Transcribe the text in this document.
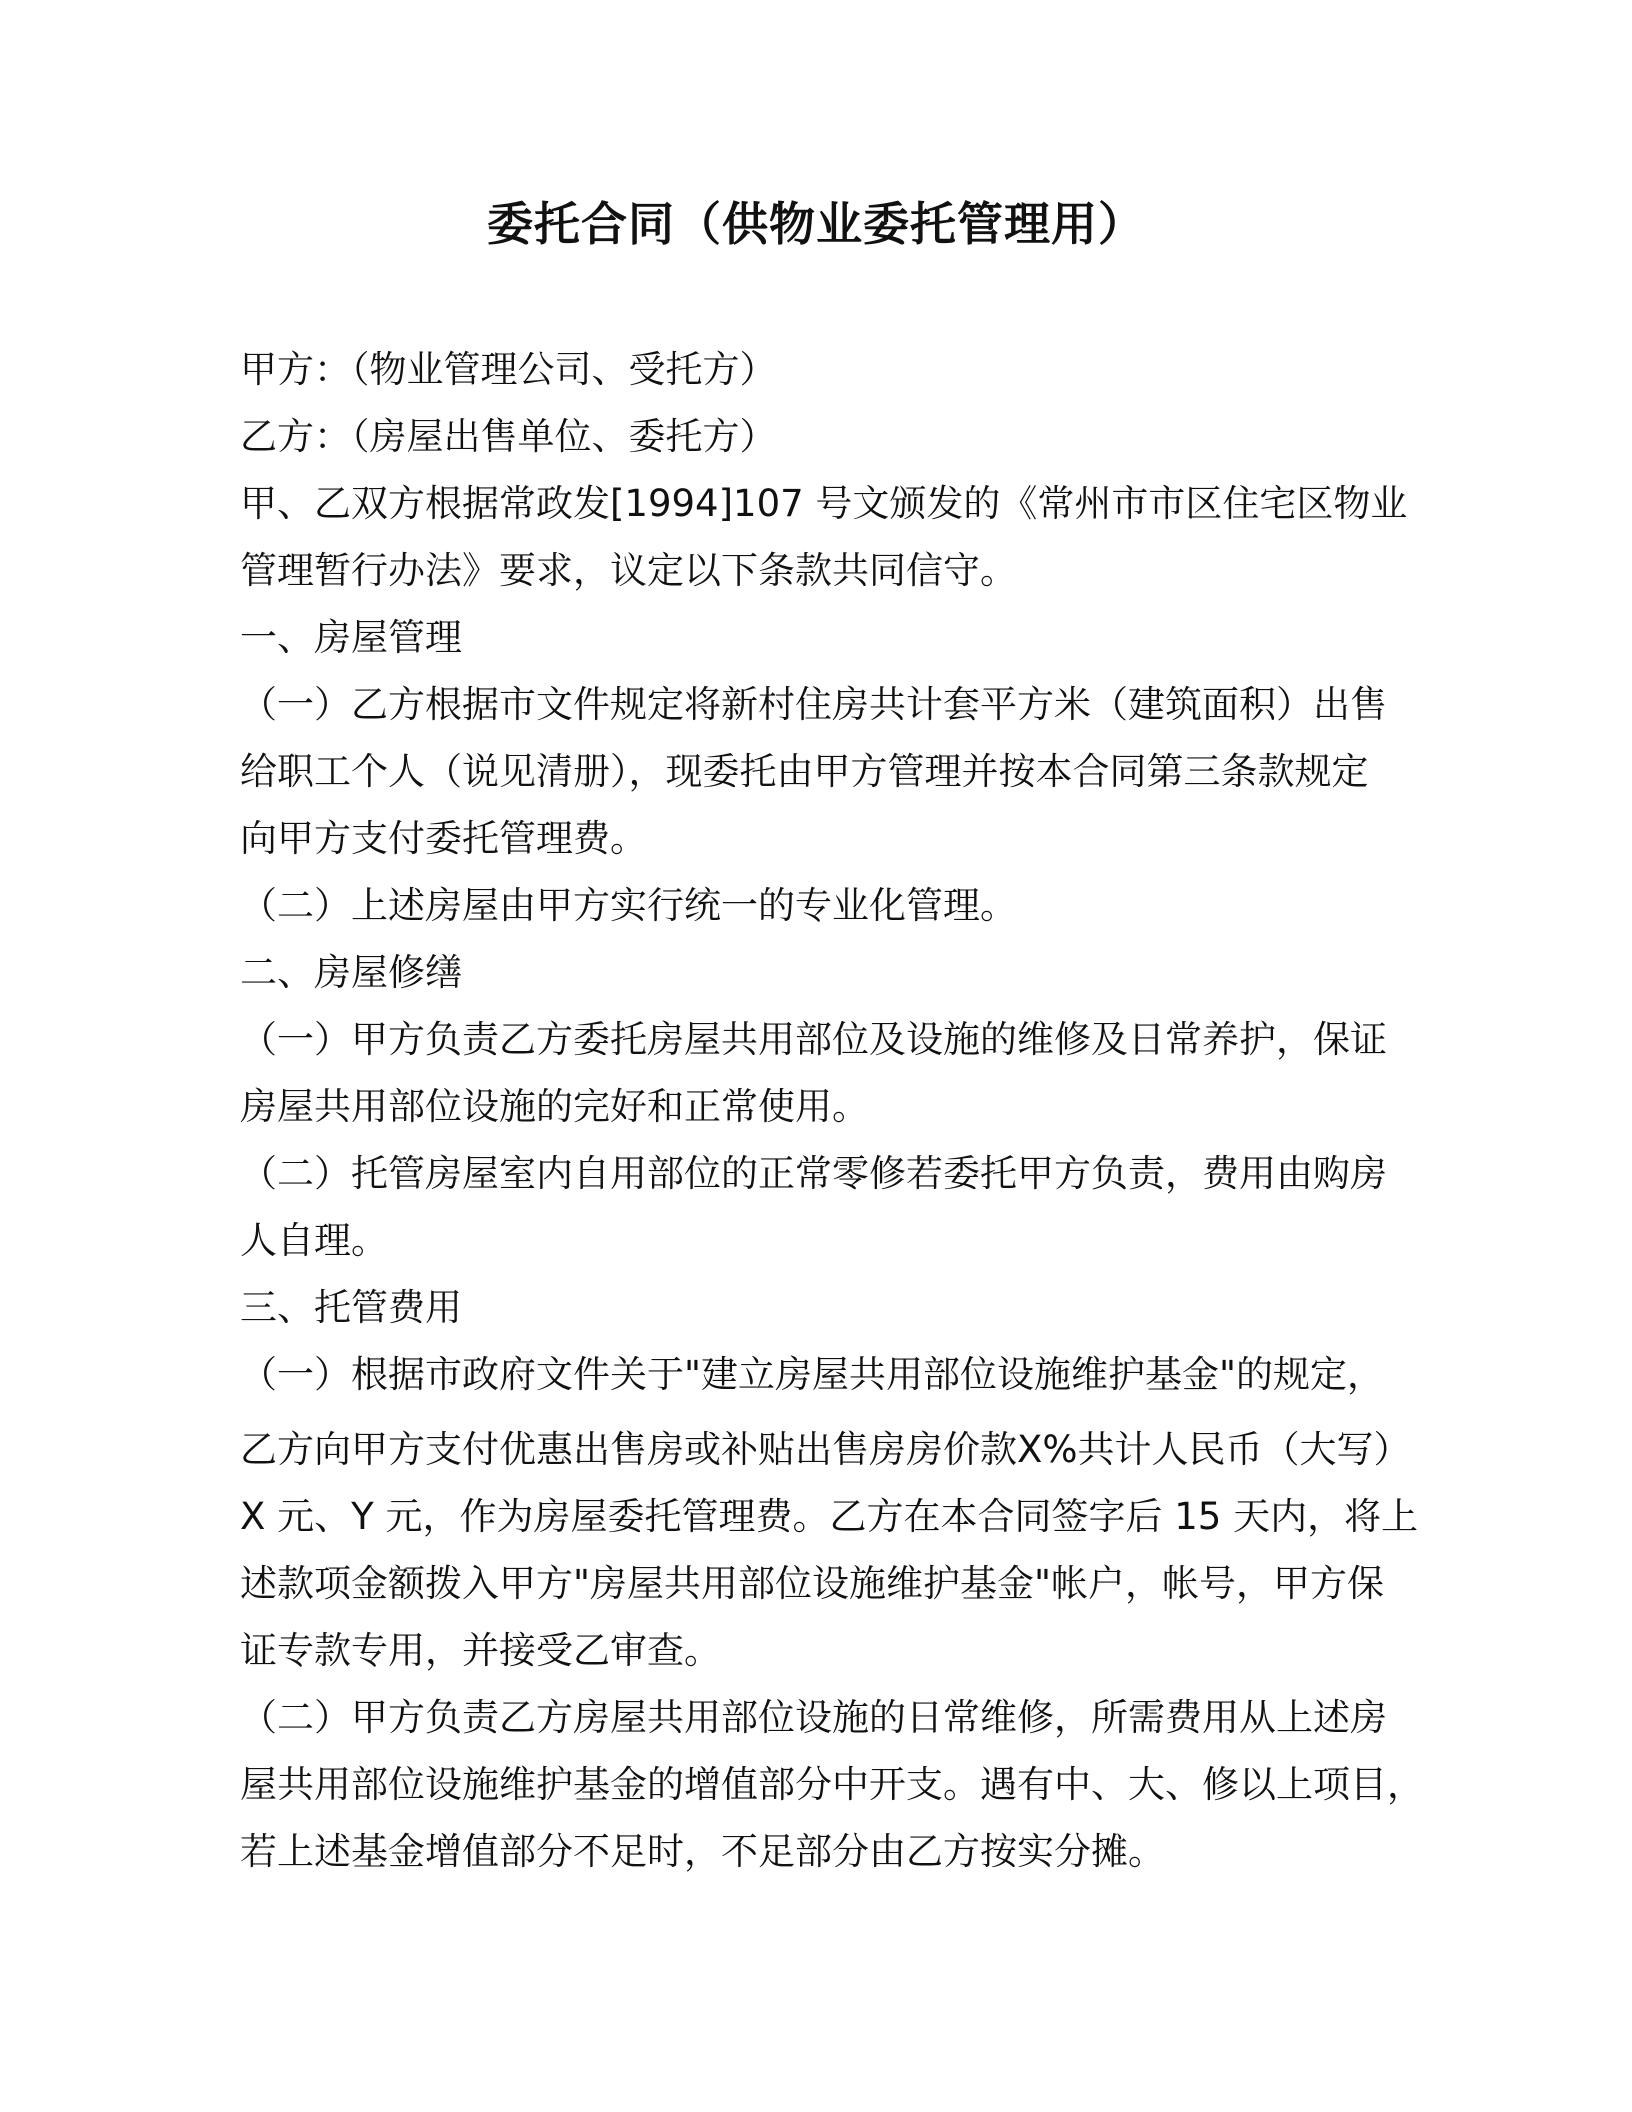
委托合同（供物业委托管理用）

甲方：（物业管理公司、受托方）

乙方：（房屋出售单位、委托方）

甲、乙双方根据常政发[1994]107 号文颁发的《常州市市区住宅区物业

管理暂行办法》要求，议定以下条款共同信守。

一、房屋管理

（一）乙方根据市文件规定将新村住房共计套平方米（建筑面积）出售

给职工个人（说见清册），现委托由甲方管理并按本合同第三条款规定

向甲方支付委托管理费。

（二）上述房屋由甲方实行统一的专业化管理。

二、房屋修缮

（一）甲方负责乙方委托房屋共用部位及设施的维修及日常养护，保证

房屋共用部位设施的完好和正常使用。

（二）托管房屋室内自用部位的正常零修若委托甲方负责，费用由购房

人自理。

三、托管费用

（一）根据市政府文件关于"建立房屋共用部位设施维护基金"的规定，

乙方向甲方支付优惠出售房或补贴出售房房价款X%共计人民币（大写）

X 元、Y 元，作为房屋委托管理费。乙方在本合同签字后 15 天内，将上

述款项金额拨入甲方"房屋共用部位设施维护基金"帐户，帐号，甲方保

证专款专用，并接受乙审查。

（二）甲方负责乙方房屋共用部位设施的日常维修，所需费用从上述房

屋共用部位设施维护基金的增值部分中开支。遇有中、大、修以上项目，

若上述基金增值部分不足时，不足部分由乙方按实分摊。
